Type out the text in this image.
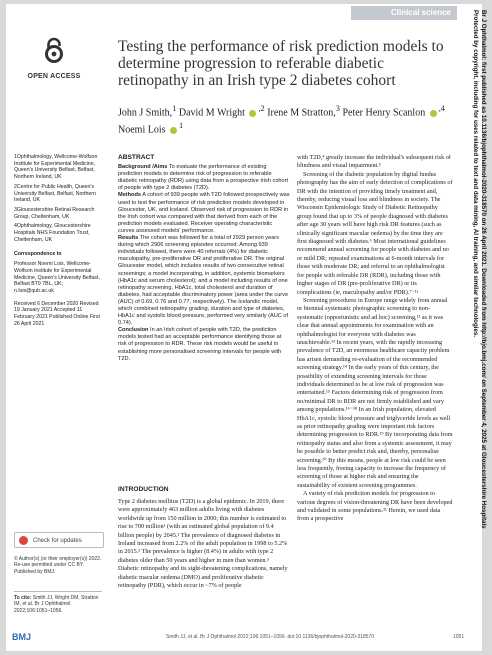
Clinical science
OPEN ACCESS
Testing the performance of risk prediction models to determine progression to referable diabetic retinopathy in an Irish type 2 diabetes cohort
John J Smith,$^1$ David M Wright $^{,2}$ Irene M Stratton,$^3$ Peter Henry Scanlon $^{,4}$
Noemi Lois $^1$

1Ophthalmology, Wellcome-Wolfson Institute for Experimental Medicine, Queen's University Belfast, Belfast, Northern Ireland, UK

2Centre for Public Health, Queen's University Belfast, Belfast, Northern Ireland, UK

3Gloucestershire Retinal Research Group, Cheltenham, UK

4Ophthalmology, Gloucestershire Hospitals NHS Foundation Trust, Cheltenham, UK

Correspondence to

Professor Noemi Lois, Wellcome-Wolfson Institute for Experimental Medicine, Queen's University Belfast, Belfast BT9 7BL, UK; n.lois@qub.ac.uk

Received 6 December 2020 Revised 19 January 2021 Accepted 11 February 2021 Published Online First 26 April 2021

ABSTRACT

Background /Aims To evaluate the performance of existing prediction models to determine risk of progression to referable diabetic retinopathy (RDR) using data from a prospective Irish cohort of people with type 2 diabetes (T2D).

Methods A cohort of 939 people with T2D followed prospectively was used to test the performance of risk prediction models developed in Gloucester, UK, and Iceland. Observed risk of progression to RDR in the Irish cohort was compared with that derived from each of the prediction models evaluated. Receiver operating characteristic curves assessed models' performance.

Results The cohort was followed for a total of 2929 person years during which 2906 screening episodes occurred. Among 939 individuals followed, there were 40 referrals (4%) for diabetic maculopathy, pre-proliferative DR and proliferative DR. The original Gloucester model, which includes results of two consecutive retinal screenings; a model incorporating, in addition, systemic biomarkers (HbA1c and serum cholesterol); and a model including results of one retinopathy screening, HbA1c, total cholesterol and duration of diabetes, had acceptable discriminatory power (area under the curve (AUC) of 0.69, 0.76 and 0.77, respectively). The Icelandic model, which combined retinopathy grading, duration and type of diabetes, HbA1c and systolic blood pressure, performed very similarly (AUC of 0.74).

Conclusion In an Irish cohort of people with T2D, the prediction models tested had an acceptable performance identifying those at risk of progression to RDR. These risk models would be useful in establishing more personalised screening intervals for people with T2D.

INTRODUCTION

Type 2 diabetes mellitus (T2D) is a global epidemic. In 2019, there were approximately 463 million adults living with diabetes worldwide up from 150 million in 2000; this number is estimated to rise to 700 million¹ (with an estimated global population of 9.4 billion people) by 2045.² The prevalence of diagnosed diabetes in Ireland increased from 2.2% of the adult population in 1998 to 5.2% in 2015.³ The prevalence is higher (8.4%) in adults with type 2 diabetes older than 50 years and higher in men than women.³ Diabetic retinopathy and its sight-threatening complications, namely diabetic macular oedema (DMO) and proliferative diabetic retinopathy (PDR), which occur in ~7% of people

with T2D,⁴ greatly increase the individual's subsequent risk of blindness and visual impairment.⁵

Screening of the diabetic population by digital fundus photography has the aim of early detection of complications of DR with the intention of providing timely treatment and, thereby, reducing visual loss and blindness in society. The Wisconsin Epidemiologic Study of Diabetic Retinopathy group found that up to 3% of people diagnosed with diabetes after age 30 years will have high risk DR features (such as clinically significant macular oedema) by the time they are first diagnosed with diabetes.⁶ Most international guidelines recommend annual screening for people with diabetes and no or mild DR; repeated examinations at 6-month intervals for those with moderate DR; and referral to an ophthalmologist for people with referable DR (RDR), including those with higher stages of DR (pre-proliferative DR) or its complications (ie, maculopathy and/or PDR).⁷⁻¹¹

Screening procedures in Europe range widely from annual or biennial systematic photographic screening to non-systematic (opportunistic and ad hoc) screening,¹² as it was clear that annual appointments for examination with an ophthalmologist for everyone with diabetes was unachievable.¹³ In recent years, with the rapidly increasing prevalence of T2D, an enormous healthcare capacity problem has arisen demanding re-evaluation of the recommended screening strategy.¹⁴ In the early years of this century, the possibility of extending screening intervals for those individuals determined to be at low risk of progression was entertained.¹⁵ Factors determining risk of progression from no/minimal DR to RDR are not firmly established and vary among populations.¹⁶⁻¹⁸ In an Irish population, elevated HbA1c, systolic blood pressure and triglyceride levels as well as prior retinopathy grading were important risk factors determining progression to RDR.¹⁹ By incorporating data from retinopathy status and also from a systemic assessment, it may be possible to better predict risk and, thereby, personalise screening.²⁰ By this means, people at low risk could be seen less frequently, freeing capacity to increase the frequency of screening of those at higher risk and ensuring the sustainability of existent screening programmes.

A variety of risk prediction models for progression to various degrees of vision-threatening DR have been developed and validated in some populations.²¹ Herein, we used data from a prospective

Check for updates
© Author(s) (or their employer(s)) 2022. Re-use permitted under CC BY. Published by BMJ.
To cite: Smith JJ, Wright DM, Stratton IM, et al. Br J Ophthalmol 2022;106:1051–1056.
BMJ	Smith JJ, et al. Br J Ophthalmol 2022;106:1051–1056. doi:10.1136/bjophthalmol-2020-318570	1051
Br J Ophthalmol: first published as 10.1136/bjophthalmol-2020-318570 on 26 April 2021. Downloaded from http://bjo.bmj.com/ on September 4, 2025 at Gloucestershire Hospitals
Protected by copyright, including for uses related to text and data mining, AI training, and similar technologies.
